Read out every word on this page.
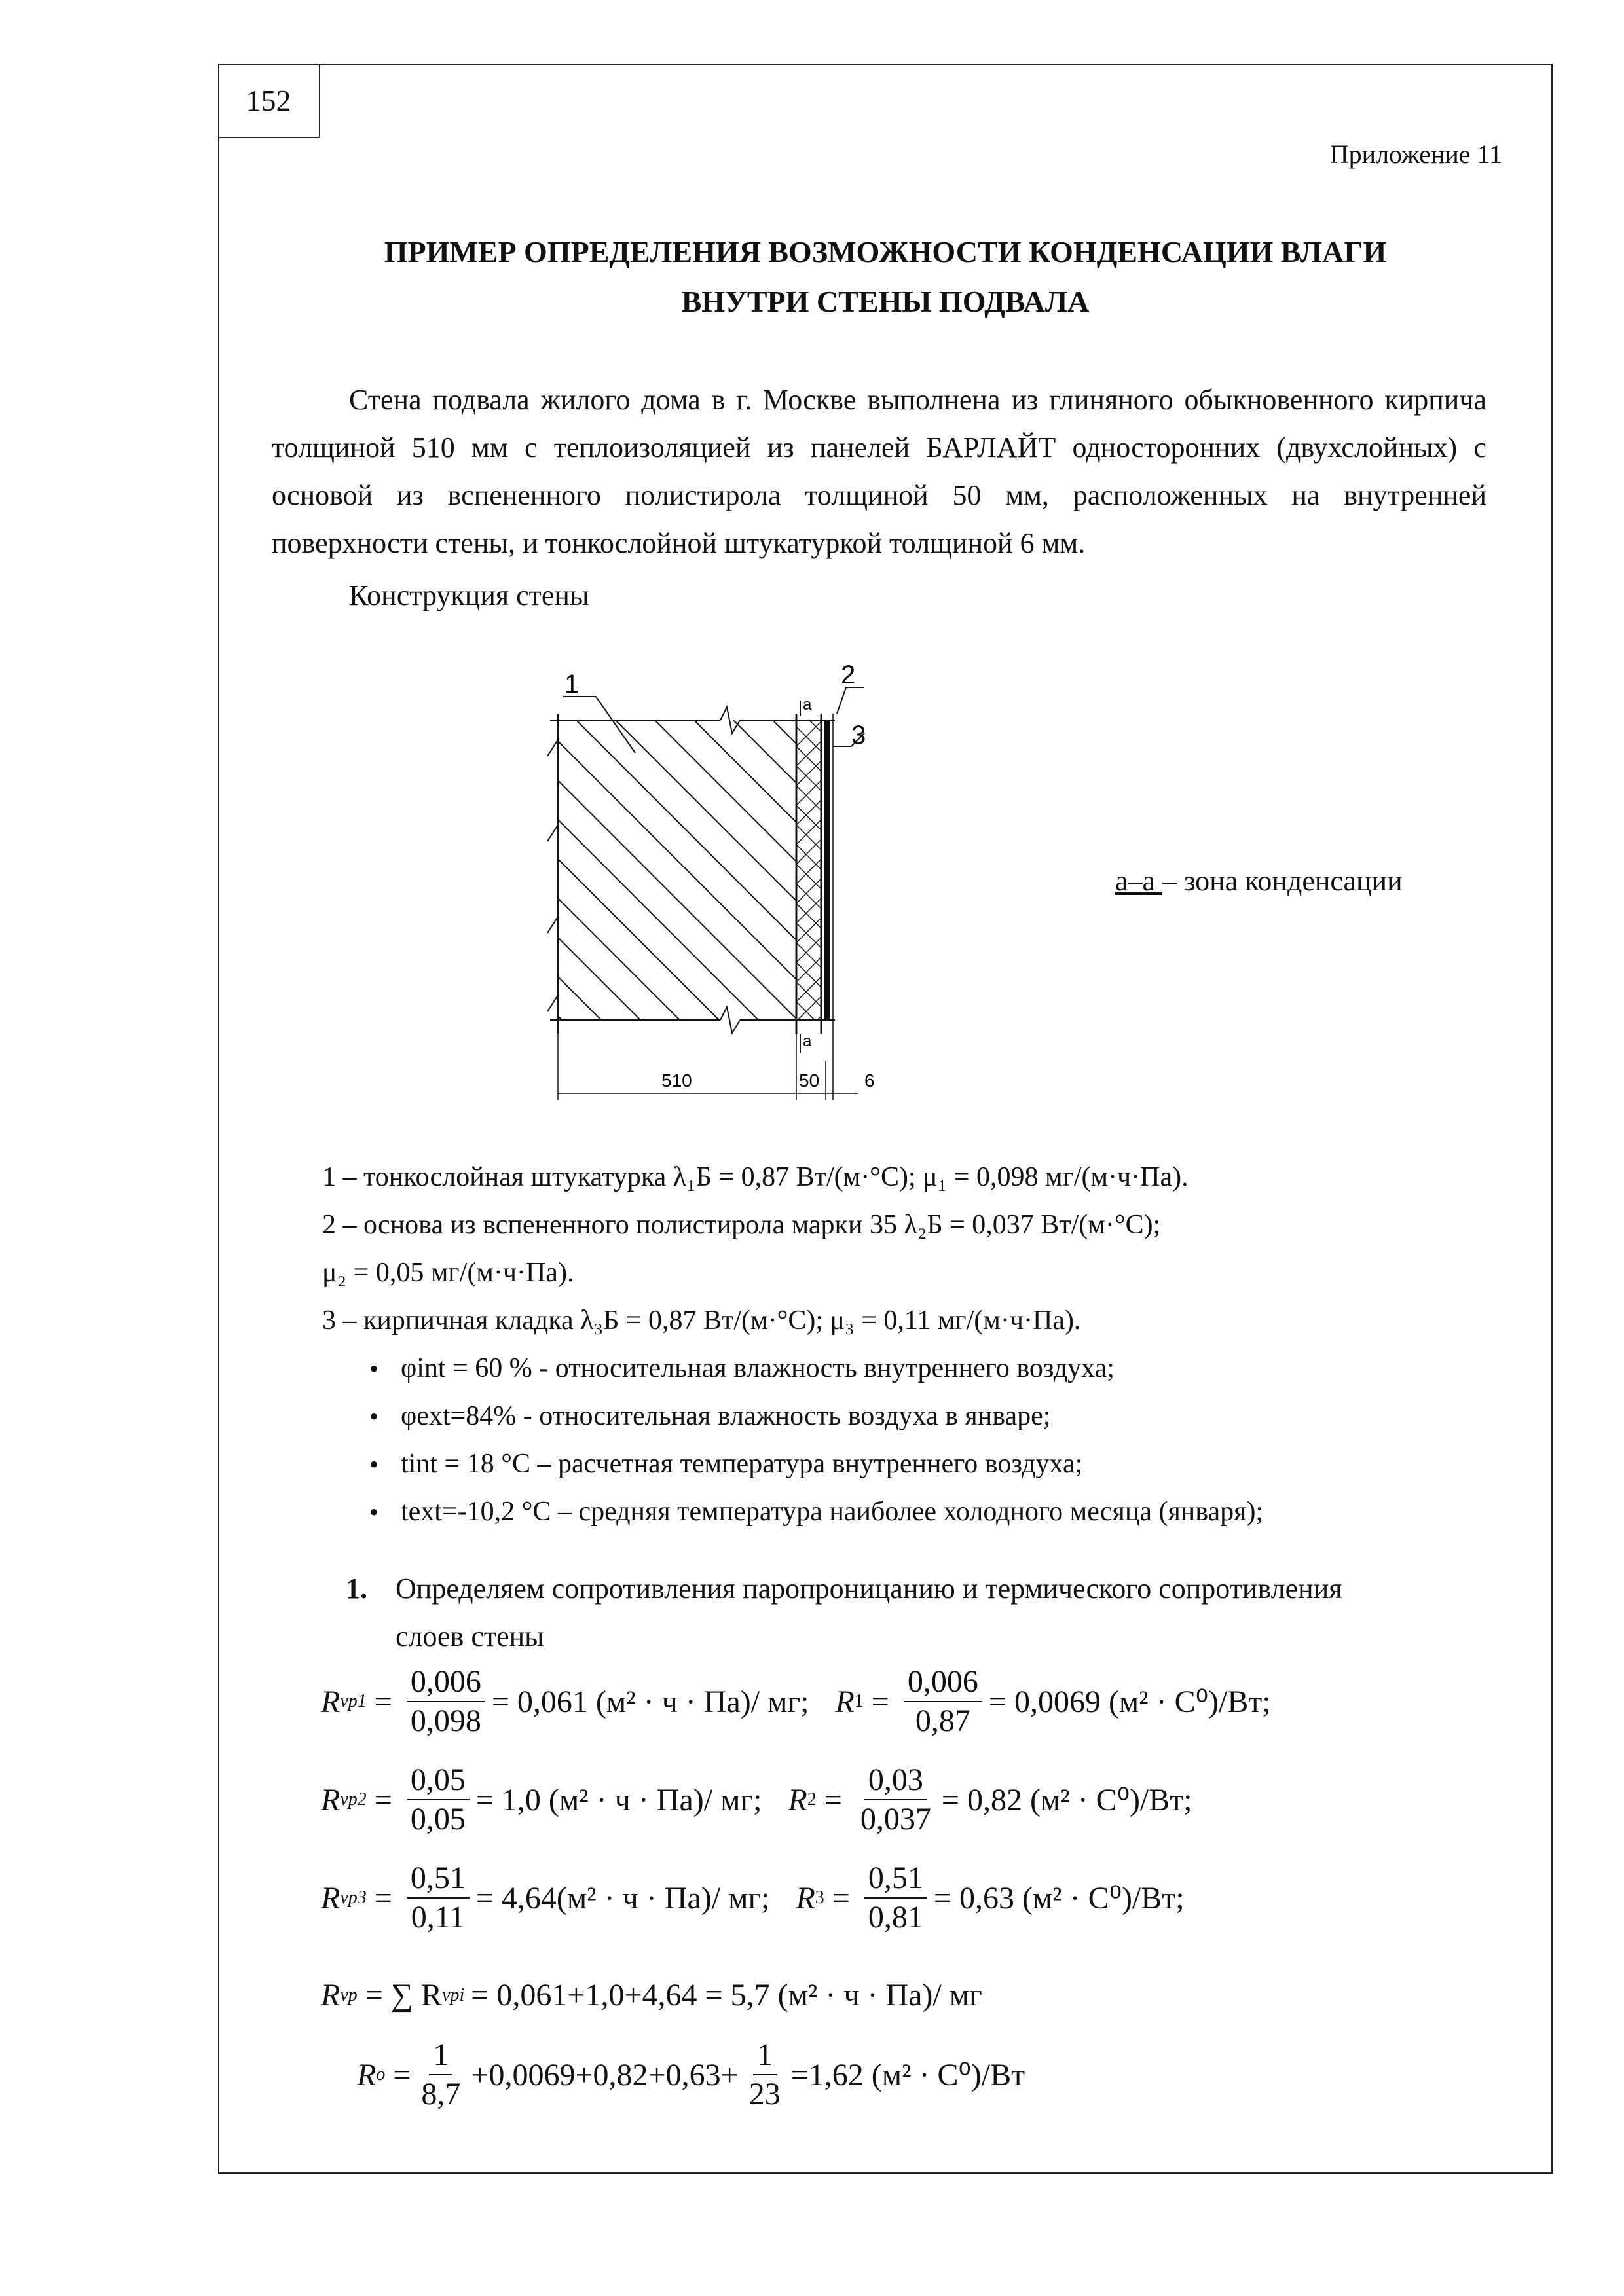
152
Приложение 11
ПРИМЕР ОПРЕДЕЛЕНИЯ ВОЗМОЖНОСТИ КОНДЕНСАЦИИ ВЛАГИ
ВНУТРИ СТЕНЫ ПОДВАЛА

Стена подвала жилого дома в г. Москве выполнена из глиняного обыкновенного кирпича толщиной 510 мм с теплоизоляцией из панелей БАРЛАЙТ односторонних (двухслойных) с основой из вспененного полистирола толщиной 50 мм, расположенных на внутренней поверхности стены, и тонкослойной штукатуркой толщиной 6 мм.

Конструкция стены
1	2
3
a
a
510	50 6
а–а – зона конденсации
1 – тонкослойная штукатурка λ₁Б = 0,87 Вт/(м·°С); μ₁ = 0,098 мг/(м·ч·Па).
2 – основа из вспененного полистирола марки 35 λ₂Б = 0,037 Вт/(м·°С);
μ₂ = 0,05 мг/(м·ч·Па).
3 – кирпичная кладка λ₃Б = 0,87 Вт/(м·°С); μ₃ = 0,11 мг/(м·ч·Па).
• φint = 60 % - относительная влажность внутреннего воздуха;
• φext=84% - относительная влажность воздуха в январе;
• tint = 18 °С – расчетная температура внутреннего воздуха;
• text=-10,2 °С – средняя температура наиболее холодного месяца (января);
1. Определяем сопротивления паропроницанию и термического сопротивления
слоев стены
R $vp1 = \frac{0,006}{0,098} = 0,061$ (м² · ч · Па)/ мг; R $1 = \frac{0,006}{0,87} = 0,0069$ (м² · С⁰)/Вт;
R $vp2 = \frac{0,05}{0,05} = 1,0$ (м² · ч · Па)/ мг; R $2 = \frac{0,03}{0,037} = 0,82$ (м² · С⁰)/Вт;
R $vp3 = \frac{0,51}{0,11} = 4,64(м^2 \cdot ч \cdot Па)/$ мг; R $3 = \frac{0,51}{0,81} = 0,63$ (м² · С⁰)/Вт;
R vp = ∑ R vpi = 0,061+1,0+4,64 = 5,7 (м² · ч · Па)/ мг
R $o = \frac{1}{8,7} +0,0069+0,82+0,63+ \frac{1}{23} =1,62$ (м² · С⁰)/Вт
